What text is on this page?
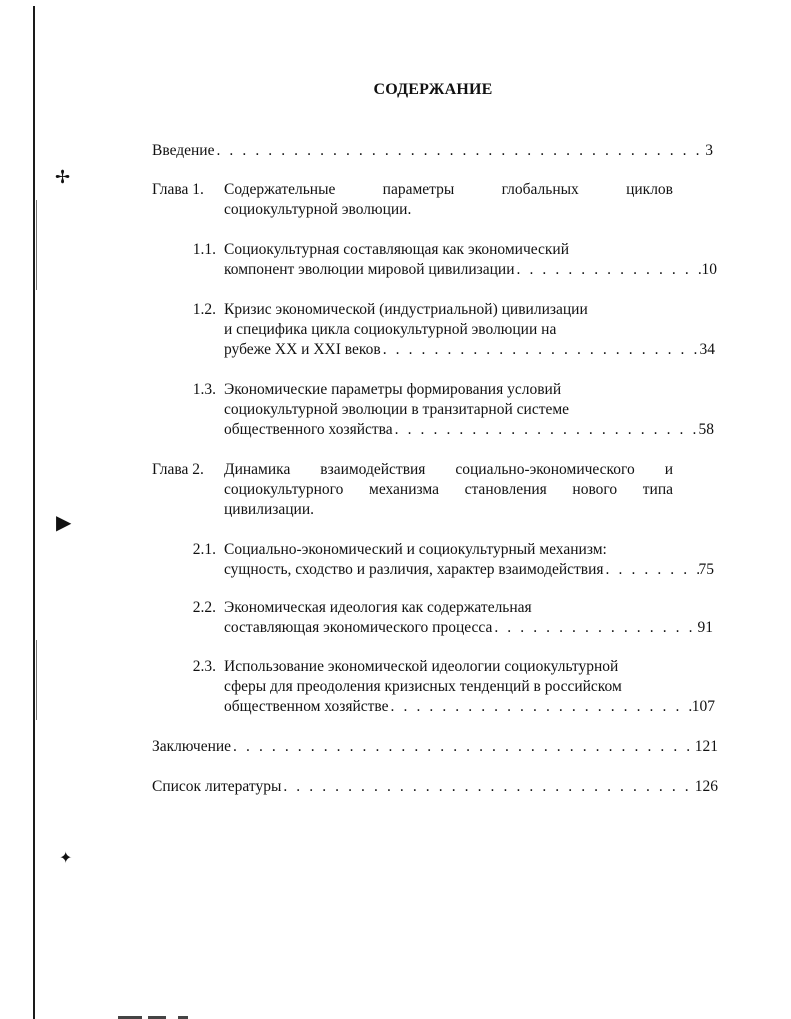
✢
▶
✦
СОДЕРЖАНИЕ
Введение . . .	3
Глава 1. Содержательные параметры глобальных циклов
социокультурной эволюции.
1.1. Социокультурная составляющая как экономический
компонент эволюции мировой цивилизации . . .	10
1.2. Кризис экономической (индустриальной) цивилизации
и специфика цикла социокультурной эволюции на
рубеже XX и XXI веков . . .	34
1.3. Экономические параметры формирования условий
социокультурной эволюции в транзитарной системе
общественного хозяйства . . .	58
Глава 2. Динамика взаимодействия социально-экономического и
социокультурного механизма становления нового типа
цивилизации.
2.1. Социально-экономический и социокультурный механизм:
сущность, сходство и различия, характер взаимодействия . . .	75
2.2. Экономическая идеология как содержательная
составляющая экономического процесса . . .	91
2.3. Использование экономической идеологии социокультурной
сферы для преодоления кризисных тенденций в российском
общественном хозяйстве . . .	107
Заключение . . .	121
Список литературы . . .	126
